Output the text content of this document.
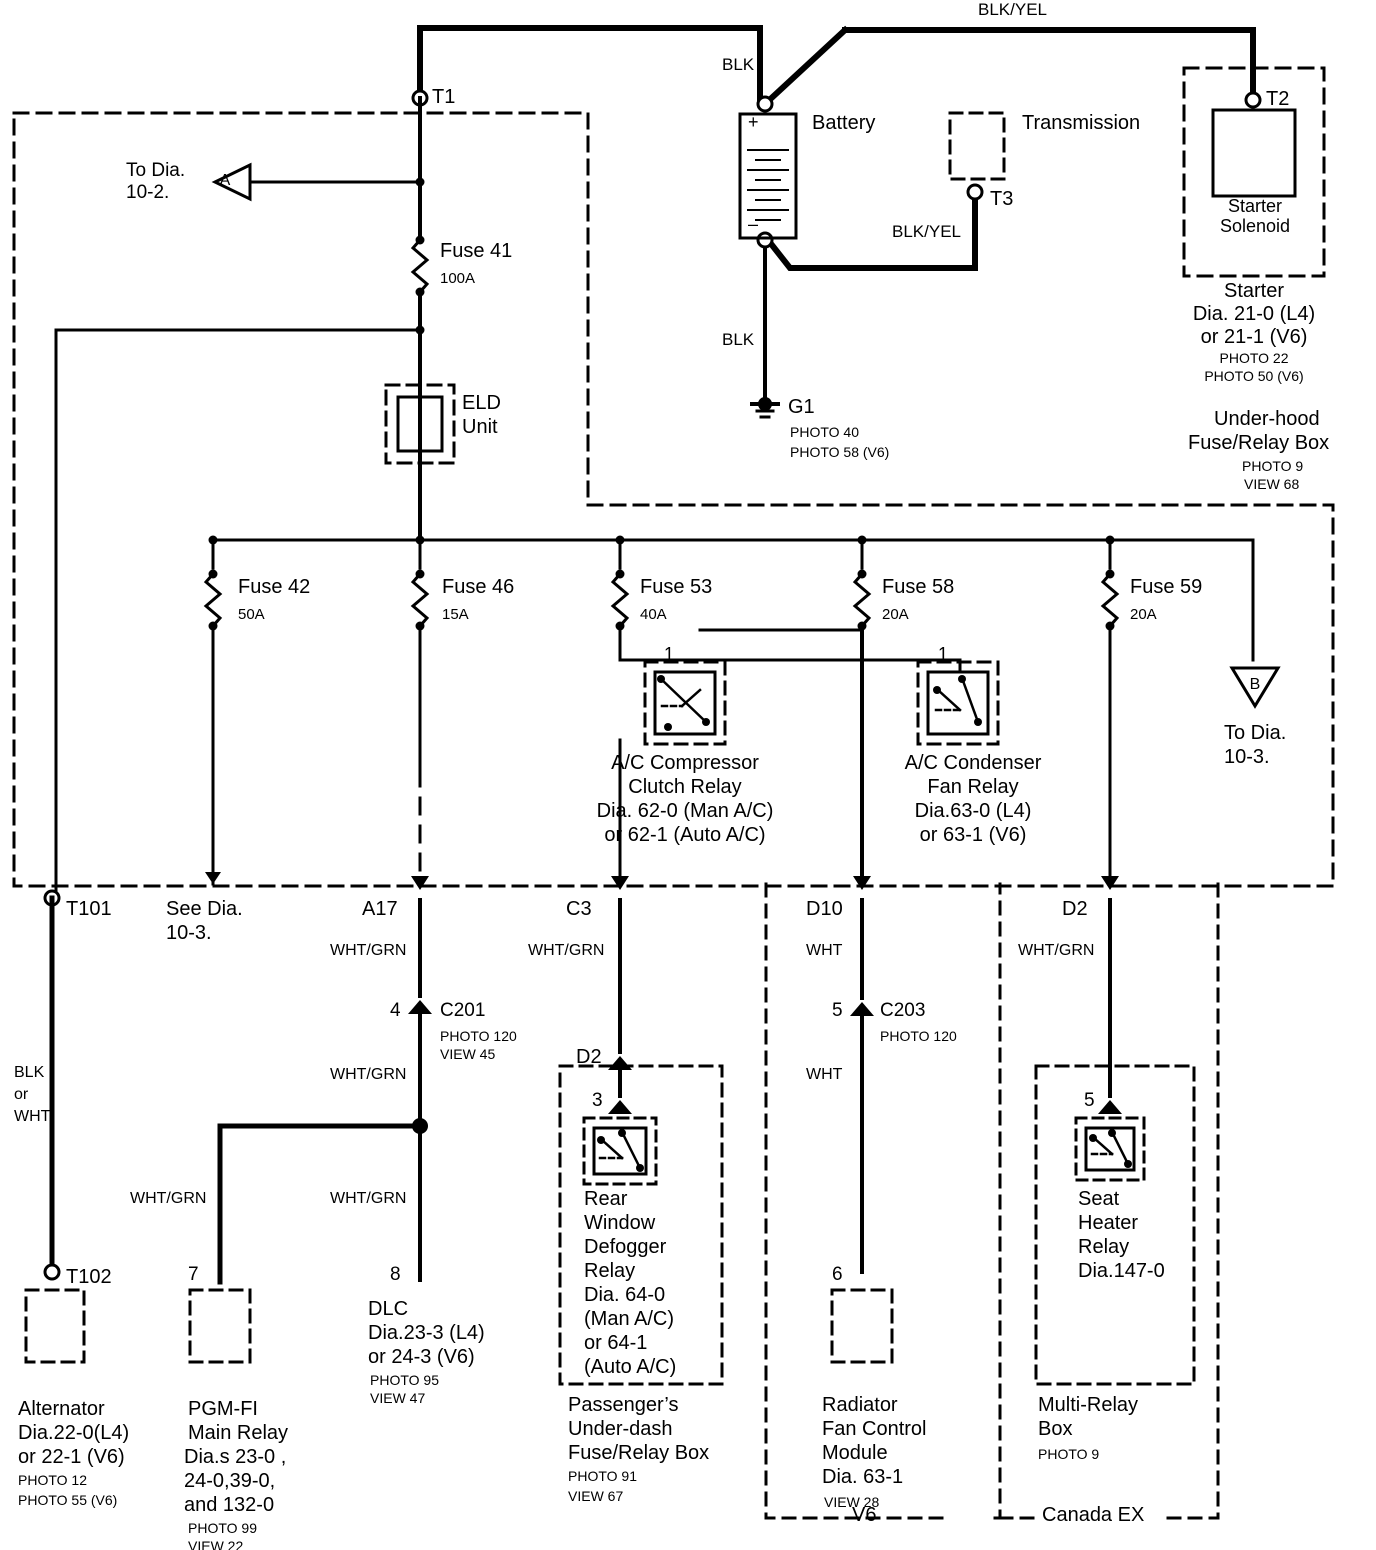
BLK/YEL
BLK
BLK
BLK/YEL
T1	T2
T3
+
–
Battery	Transmission
Starter
Solenoid
Starter
Dia. 21-0 (L4)
or 21-1 (V6)
PHOTO 22
PHOTO 50 (V6)
Under-hood
Fuse/Relay Box
PHOTO 9
VIEW 68
G1
PHOTO 40
PHOTO 58 (V6)
To Dia.
10-2.
A
Fuse 41
100A
ELD
Unit
Fuse 42
50A
Fuse 46
15A
Fuse 53
40A
Fuse 58
20A
Fuse 59
20A
1	1
A/C Compressor
Clutch Relay
Dia. 62-0 (Man A/C)
or 62-1 (Auto A/C)
A/C Condenser
Fan Relay
Dia.63-0 (L4)
or 63-1 (V6)
B
To Dia.
10-3.
T101	See Dia.
10-3.
A17	C3	D10	D2
WHT/GRN	WHT/GRN	WHT	WHT/GRN
4 C201
PHOTO 120
VIEW 45
5 C203
PHOTO 120
WHT/GRN	WHT
WHT/GRN	WHT/GRN
BLK
or
WHT
D2
3
Rear
Window
Defogger
Relay
Dia. 64-0
(Man A/C)
or 64-1
(Auto A/C)
5
Seat
Heater
Relay
Dia.147-0
T102	7	8	6
Alternator
Dia.22-0(L4)
or 22-1 (V6)
PHOTO 12
PHOTO 55 (V6)
PGM-FI
Main Relay
Dia.s 23-0 ,
24-0,39-0,
and 132-0
PHOTO 99
VIEW 22
DLC
Dia.23-3 (L4)
or 24-3 (V6)
PHOTO 95
VIEW 47	Passenger’s
Under-dash
Fuse/Relay Box
PHOTO 91
VIEW 67
Radiator
Fan Control
Module
Dia. 63-1
VIEW 28
Multi-Relay
Box
PHOTO 9
V6	Canada EX
